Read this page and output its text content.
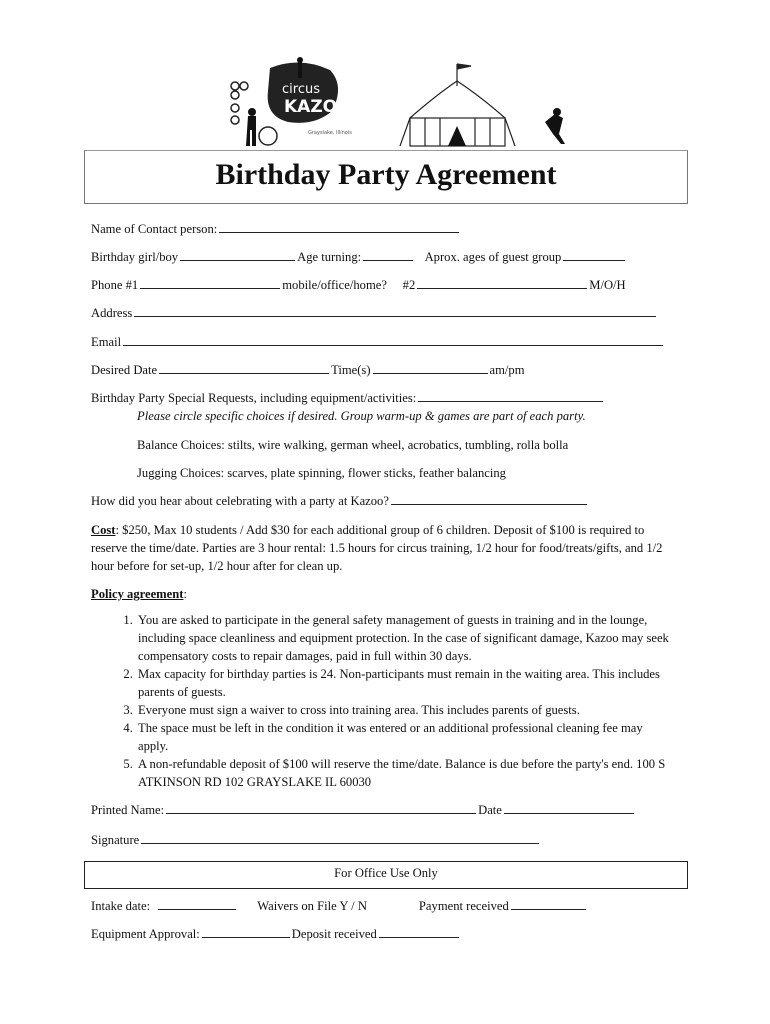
circus
KAZOO
Grayslake, Illinois
Birthday Party Agreement
Name of Contact person:
Birthday girl/boy	Age turning:	Aprox. ages of guest group
Phone #1	mobile/office/home? #2	M/O/H
Address
Email
Desired Date	Time(s)	am/pm
Birthday Party Special Requests, including equipment/activities:
Please circle specific choices if desired. Group warm-up & games are part of each party.
Balance Choices: stilts, wire walking, german wheel, acrobatics, tumbling, rolla bolla
Jugging Choices: scarves, plate spinning, flower sticks, feather balancing
How did you hear about celebrating with a party at Kazoo?
Cost: $250, Max 10 students / Add $30 for each additional group of 6 children. Deposit of $100 is required to reserve the time/date. Parties are 3 hour rental: 1.5 hours for circus training, 1/2 hour for food/treats/gifts, and 1/2 hour before for set-up, 1/2 hour after for clean up.
Policy agreement:
1. You are asked to participate in the general safety management of guests in training and in the lounge, including space cleanliness and equipment protection. In the case of significant damage, Kazoo may seek compensatory costs to repair damages, paid in full within 30 days.
2. Max capacity for birthday parties is 24. Non-participants must remain in the waiting area. This includes parents of guests.
3. Everyone must sign a waiver to cross into training area. This includes parents of guests.
4. The space must be left in the condition it was entered or an additional professional cleaning fee may apply.
5. A non-refundable deposit of $100 will reserve the time/date. Balance is due before the party's end. 100 S ATKINSON RD 102 GRAYSLAKE IL 60030
Printed Name:	Date
Signature
For Office Use Only
Intake date:	Waivers on File Y / N	Payment received
Equipment Approval:	Deposit received
